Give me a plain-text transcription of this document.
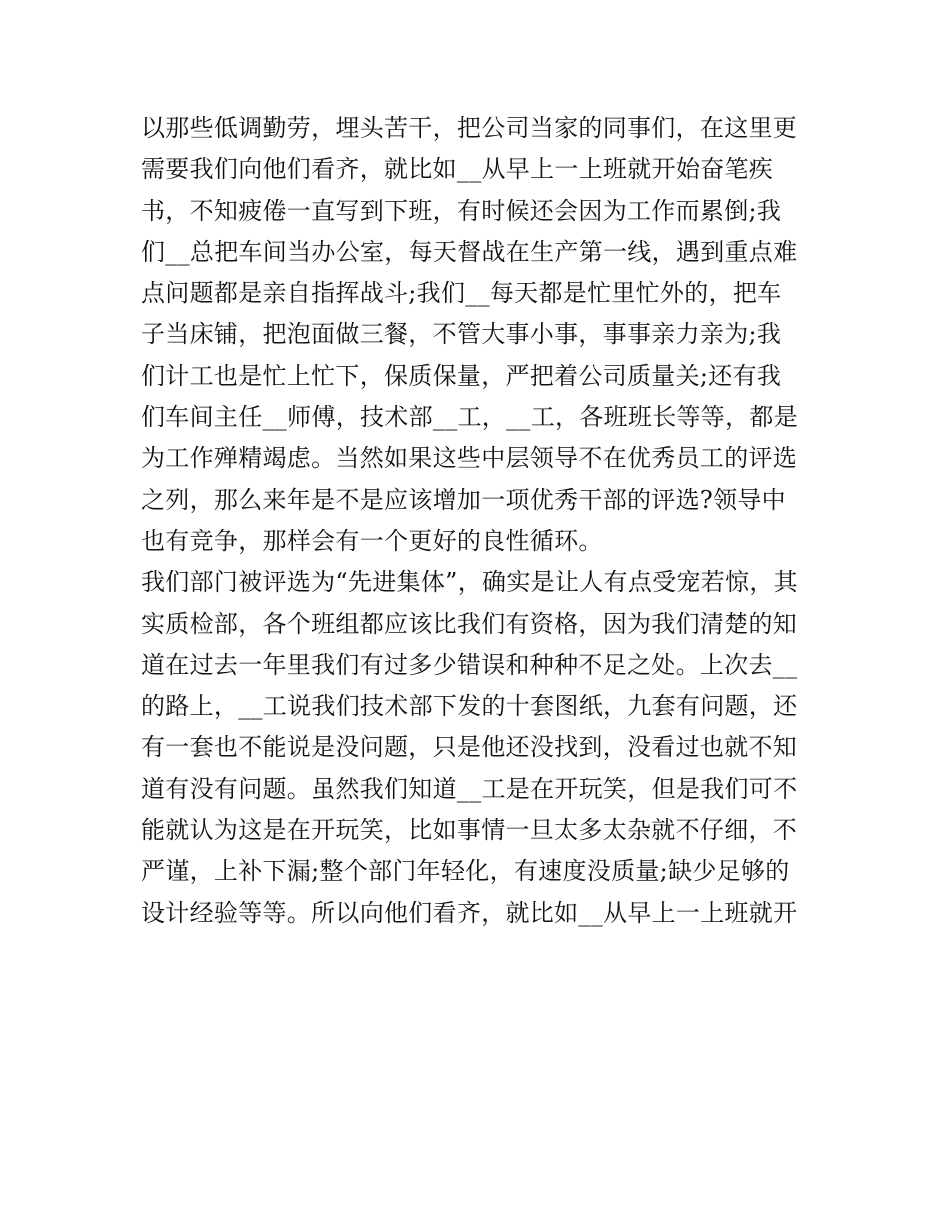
以那些低调勤劳，埋头苦干，把公司当家的同事们，在这里更
需要我们向他们看齐，就比如__从早上一上班就开始奋笔疾
书，不知疲倦一直写到下班，有时候还会因为工作而累倒;我
们__总把车间当办公室，每天督战在生产第一线，遇到重点难
点问题都是亲自指挥战斗;我们__每天都是忙里忙外的，把车
子当床铺，把泡面做三餐，不管大事小事，事事亲力亲为;我
们计工也是忙上忙下，保质保量，严把着公司质量关;还有我
们车间主任__师傅，技术部__工，__工，各班班长等等，都是
为工作殚精竭虑。当然如果这些中层领导不在优秀员工的评选
之列，那么来年是不是应该增加一项优秀干部的评选?领导中
也有竞争，那样会有一个更好的良性循环。
我们部门被评选为“先进集体”，确实是让人有点受宠若惊，其
实质检部，各个班组都应该比我们有资格，因为我们清楚的知
道在过去一年里我们有过多少错误和种种不足之处。上次去__
的路上，__工说我们技术部下发的十套图纸，九套有问题，还
有一套也不能说是没问题，只是他还没找到，没看过也就不知
道有没有问题。虽然我们知道__工是在开玩笑，但是我们可不
能就认为这是在开玩笑，比如事情一旦太多太杂就不仔细，不
严谨，上补下漏;整个部门年轻化，有速度没质量;缺少足够的
设计经验等等。所以向他们看齐，就比如__从早上一上班就开
